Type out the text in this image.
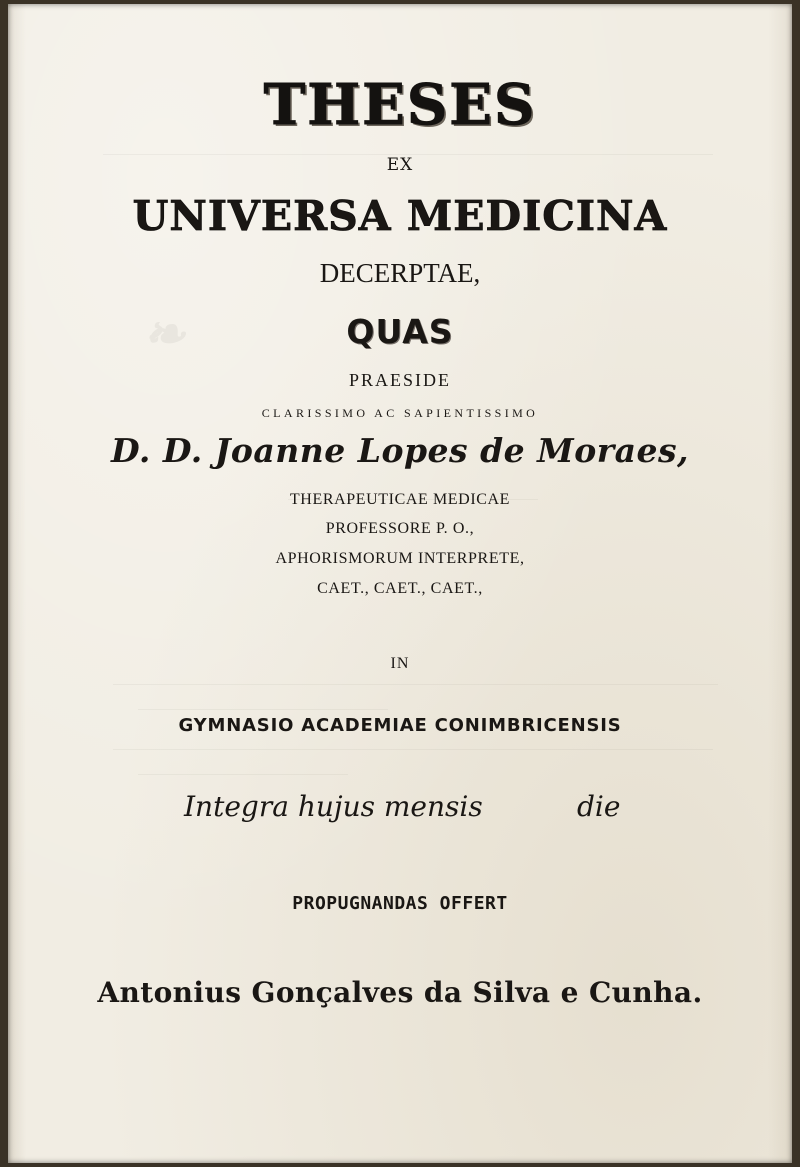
❧
THESES
EX
UNIVERSA MEDICINA
DECERPTAE,
QUAS
PRAESIDE
CLARISSIMO AC SAPIENTISSIMO
D. D. Joanne Lopes de Moraes,
THERAPEUTICAE MEDICAE
PROFESSORE P. O.,
APHORISMORUM INTERPRETE,
CAET., CAET., CAET.,
IN
GYMNASIO ACADEMIAE CONIMBRICENSIS
Integra hujus mensis	die
PROPUGNANDAS OFFERT
Antonius Gonçalves da Silva e Cunha.
